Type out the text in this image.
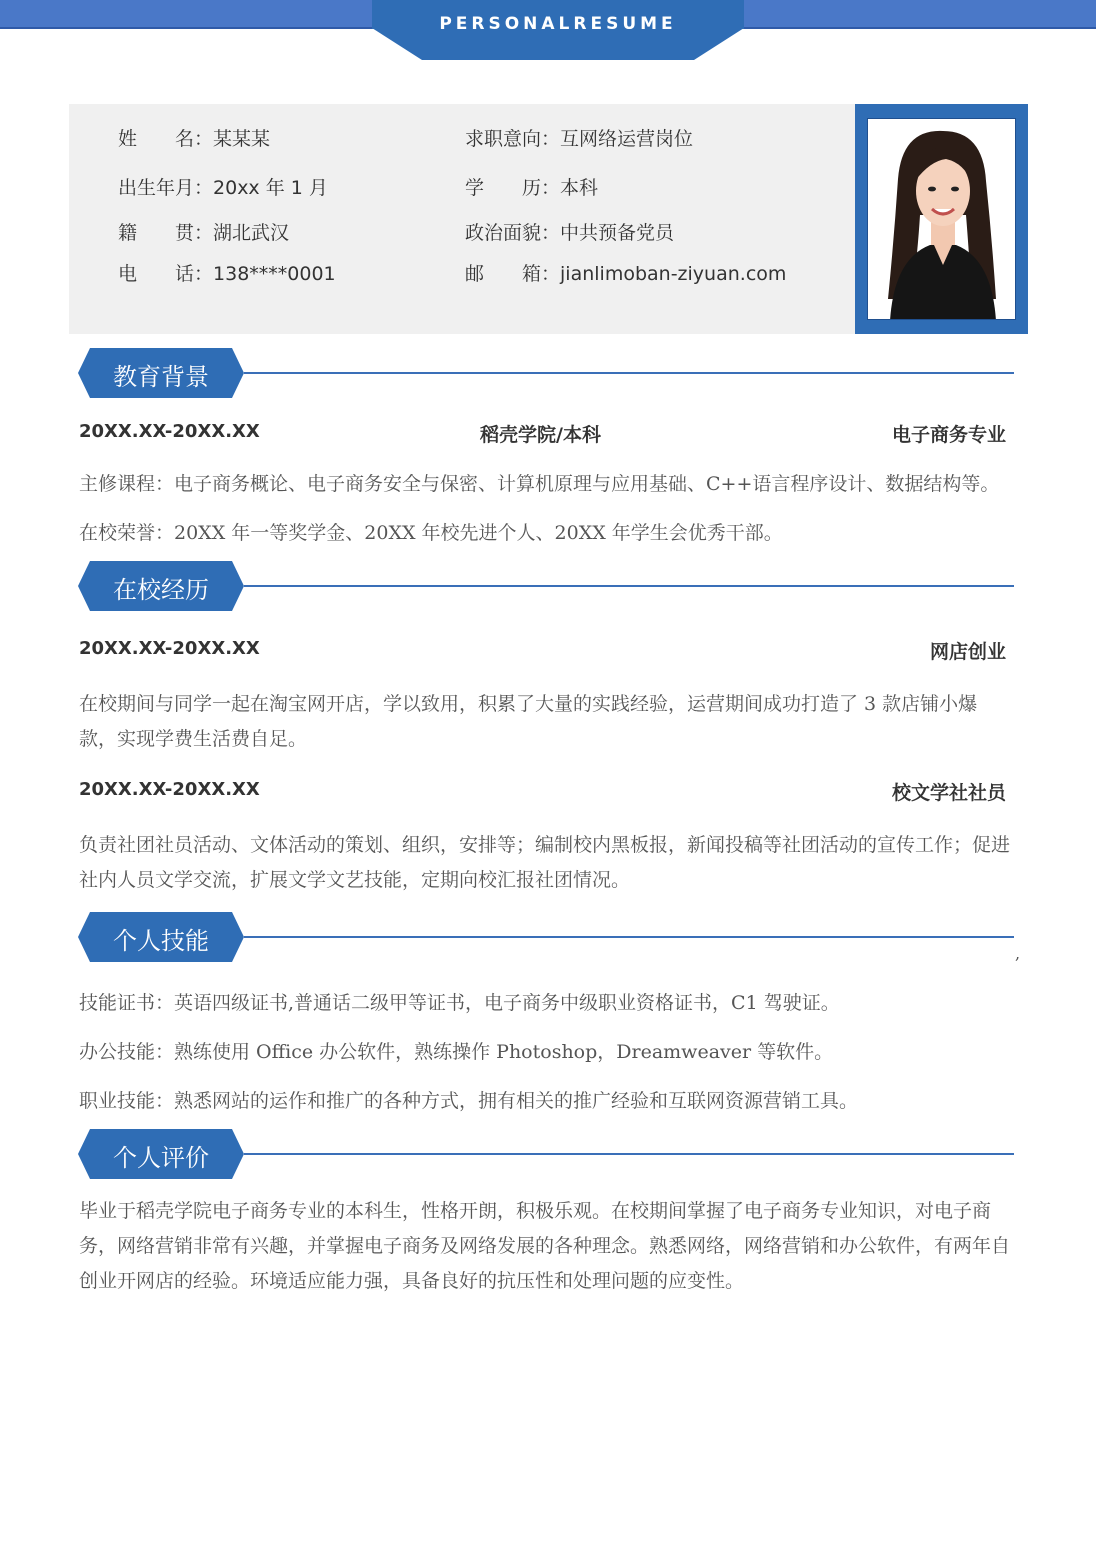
PERSONALRESUME
姓　　名：某某某	求职意向：互网络运营岗位
出生年月：20xx 年 1 月	学　　历：本科
籍　　贯：湖北武汉	政治面貌：中共预备党员
电　　话：138****0001	邮　　箱：jianlimoban-ziyuan.com
教育背景
20XX.XX-20XX.XX	稻壳学院/本科	电子商务专业
主修课程：电子商务概论、电子商务安全与保密、计算机原理与应用基础、C++语言程序设计、数据结构等。
在校荣誉：20XX 年一等奖学金、20XX 年校先进个人、20XX 年学生会优秀干部。
在校经历
20XX.XX-20XX.XX	网店创业
在校期间与同学一起在淘宝网开店，学以致用，积累了大量的实践经验，运营期间成功打造了 3 款店铺小爆款，实现学费生活费自足。
20XX.XX-20XX.XX	校文学社社员
负责社团社员活动、文体活动的策划、组织，安排等；编制校内黑板报，新闻投稿等社团活动的宣传工作；促进社内人员文学交流，扩展文学文艺技能，定期向校汇报社团情况。
个人技能	,
技能证书：英语四级证书,普通话二级甲等证书，电子商务中级职业资格证书，C1 驾驶证。
办公技能：熟练使用 Office 办公软件，熟练操作 Photoshop，Dreamweaver 等软件。
职业技能：熟悉网站的运作和推广的各种方式，拥有相关的推广经验和互联网资源营销工具。
个人评价
毕业于稻壳学院电子商务专业的本科生，性格开朗，积极乐观。在校期间掌握了电子商务专业知识，对电子商务，网络营销非常有兴趣，并掌握电子商务及网络发展的各种理念。熟悉网络，网络营销和办公软件，有两年自创业开网店的经验。环境适应能力强，具备良好的抗压性和处理问题的应变性。
